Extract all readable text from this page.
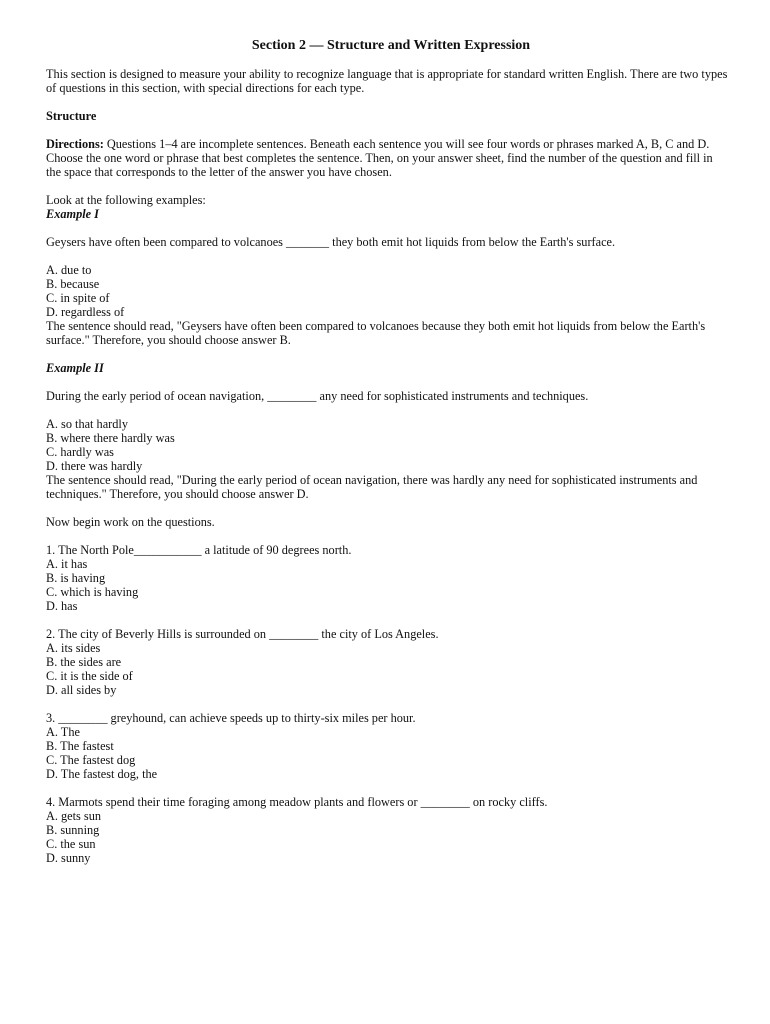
Section 2 — Structure and Written Expression

This section is designed to measure your ability to recognize language that is appropriate for standard written English. There are two types of questions in this section, with special directions for each type.

Structure

Directions: Questions 1–4 are incomplete sentences. Beneath each sentence you will see four words or phrases marked A, B, C and D. Choose the one word or phrase that best completes the sentence. Then, on your answer sheet, find the number of the question and fill in the space that corresponds to the letter of the answer you have chosen.

Look at the following examples:

Example I

Geysers have often been compared to volcanoes _______ they both emit hot liquids from below the Earth's surface.

A. due to
B. because
C. in spite of
D. regardless of

The sentence should read, "Geysers have often been compared to volcanoes because they both emit hot liquids from below the Earth's surface." Therefore, you should choose answer B.

Example II

During the early period of ocean navigation, ________ any need for sophisticated instruments and techniques.

A. so that hardly
B. where there hardly was
C. hardly was
D. there was hardly

The sentence should read, "During the early period of ocean navigation, there was hardly any need for sophisticated instruments and techniques." Therefore, you should choose answer D.

Now begin work on the questions.

1. The North Pole___________ a latitude of 90 degrees north.

A. it has
B. is having
C. which is having
D. has

2. The city of Beverly Hills is surrounded on ________ the city of Los Angeles.

A. its sides
B. the sides are
C. it is the side of
D. all sides by

3. ________ greyhound, can achieve speeds up to thirty-six miles per hour.

A. The
B. The fastest
C. The fastest dog
D. The fastest dog, the

4. Marmots spend their time foraging among meadow plants and flowers or ________ on rocky cliffs.

A. gets sun
B. sunning
C. the sun
D. sunny
